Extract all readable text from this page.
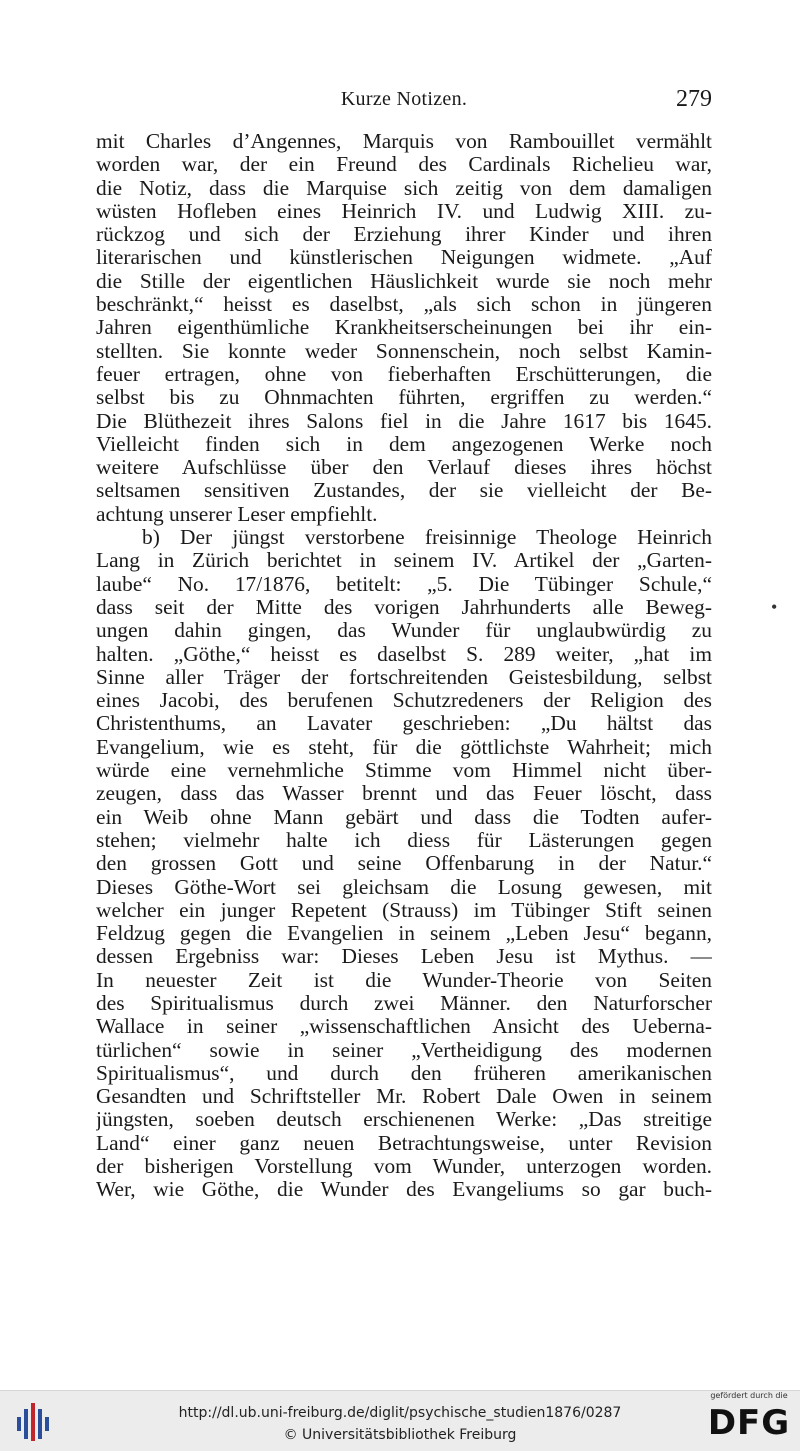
Kurze Notizen.	279
mit Charles d’Angennes, Marquis von Rambouillet vermählt
worden war, der ein Freund des Cardinals Richelieu war,
die Notiz, dass die Marquise sich zeitig von dem damaligen
wüsten Hofleben eines Heinrich IV. und Ludwig XIII. zu-
rückzog und sich der Erziehung ihrer Kinder und ihren
literarischen und künstlerischen Neigungen widmete. „Auf
die Stille der eigentlichen Häuslichkeit wurde sie noch mehr
beschränkt,“ heisst es daselbst, „als sich schon in jüngeren
Jahren eigenthümliche Krankheitserscheinungen bei ihr ein-
stellten. Sie konnte weder Sonnenschein, noch selbst Kamin-
feuer ertragen, ohne von fieberhaften Erschütterungen, die
selbst bis zu Ohnmachten führten, ergriffen zu werden.“
Die Blüthezeit ihres Salons fiel in die Jahre 1617 bis 1645.
Vielleicht finden sich in dem angezogenen Werke noch
weitere Aufschlüsse über den Verlauf dieses ihres höchst
seltsamen sensitiven Zustandes, der sie vielleicht der Be-
achtung unserer Leser empfiehlt.
b) Der jüngst verstorbene freisinnige Theologe Heinrich
Lang in Zürich berichtet in seinem IV. Artikel der „Garten-
laube“ No. 17/1876, betitelt: „5. Die Tübinger Schule,“
dass seit der Mitte des vorigen Jahrhunderts alle Beweg-
ungen dahin gingen, das Wunder für unglaubwürdig zu
halten. „Göthe,“ heisst es daselbst S. 289 weiter, „hat im
Sinne aller Träger der fortschreitenden Geistesbildung, selbst
eines Jacobi, des berufenen Schutzredeners der Religion des
Christenthums, an Lavater geschrieben: „Du hältst das
Evangelium, wie es steht, für die göttlichste Wahrheit; mich
würde eine vernehmliche Stimme vom Himmel nicht über-
zeugen, dass das Wasser brennt und das Feuer löscht, dass
ein Weib ohne Mann gebärt und dass die Todten aufer-
stehen; vielmehr halte ich diess für Lästerungen gegen
den grossen Gott und seine Offenbarung in der Natur.“
Dieses Göthe-Wort sei gleichsam die Losung gewesen, mit
welcher ein junger Repetent (Strauss) im Tübinger Stift seinen
Feldzug gegen die Evangelien in seinem „Leben Jesu“ begann,
dessen Ergebniss war: Dieses Leben Jesu ist Mythus. —
In neuester Zeit ist die Wunder-Theorie von Seiten
des Spiritualismus durch zwei Männer. den Naturforscher
Wallace in seiner „wissenschaftlichen Ansicht des Uebernа-
türlichen“ sowie in seiner „Vertheidigung des modernen
Spiritualismus“, und durch den früheren amerikanischen
Gesandten und Schriftsteller Mr. Robert Dale Owen in seinem
jüngsten, soeben deutsch erschienenen Werke: „Das streitige
Land“ einer ganz neuen Betrachtungsweise, unter Revision
der bisherigen Vorstellung vom Wunder, unterzogen worden.
Wer, wie Göthe, die Wunder des Evangeliums so gar buch-
•
http://dl.ub.uni-freiburg.de/diglit/psychische_studien1876/0287
© Universitätsbibliothek Freiburg
gefördert durch die
DFG
